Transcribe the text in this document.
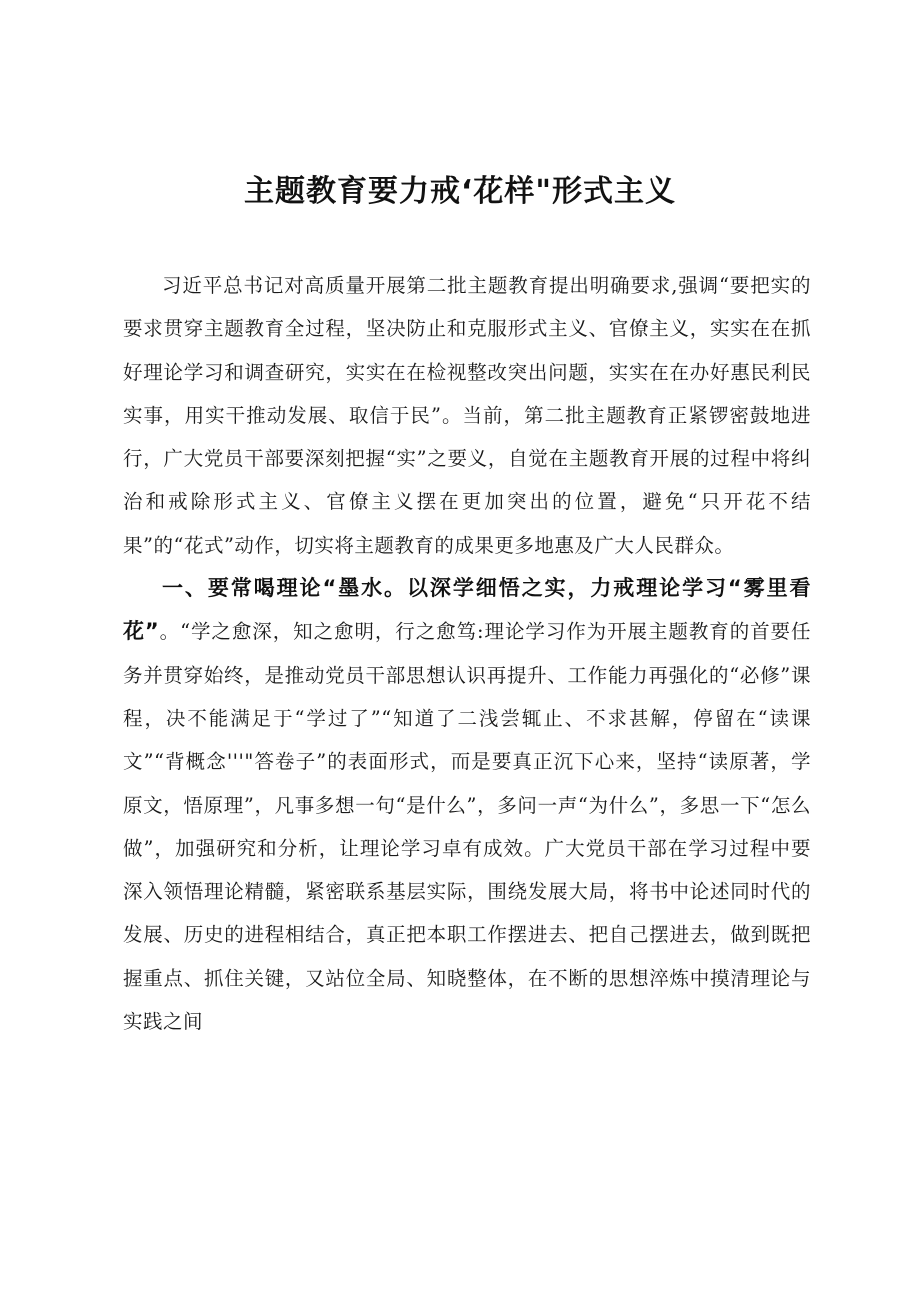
主题教育要力戒‘花样"形式主义

习近平总书记对高质量开展第二批主题教育提出明确要求,强调“要把实的要求贯穿主题教育全过程，坚决防止和克服形式主义、官僚主义，实实在在抓好理论学习和调查研究，实实在在检视整改突出问题，实实在在办好惠民利民实事，用实干推动发展、取信于民”。当前，第二批主题教育正紧锣密鼓地进行，广大党员干部要深刻把握“实”之要义，自觉在主题教育开展的过程中将纠治和戒除形式主义、官僚主义摆在更加突出的位置，避免“只开花不结果”的“花式”动作，切实将主题教育的成果更多地惠及广大人民群众。

一、要常喝理论“墨水。以深学细悟之实，力戒理论学习“雾里看花”。“学之愈深，知之愈明，行之愈笃:理论学习作为开展主题教育的首要任务并贯穿始终，是推动党员干部思想认识再提升、工作能力再强化的“必修”课程，决不能满足于“学过了”“知道了二浅尝辄止、不求甚解，停留在“读课文”“背概念'''"答卷子”的表面形式，而是要真正沉下心来，坚持“读原著，学原文，悟原理”，凡事多想一句“是什么”，多问一声“为什么”，多思一下“怎么做”，加强研究和分析，让理论学习卓有成效。广大党员干部在学习过程中要深入领悟理论精髓，紧密联系基层实际，围绕发展大局，将书中论述同时代的发展、历史的进程相结合，真正把本职工作摆进去、把自己摆进去，做到既把握重点、抓住关键，又站位全局、知晓整体，在不断的思想淬炼中摸清理论与实践之间
